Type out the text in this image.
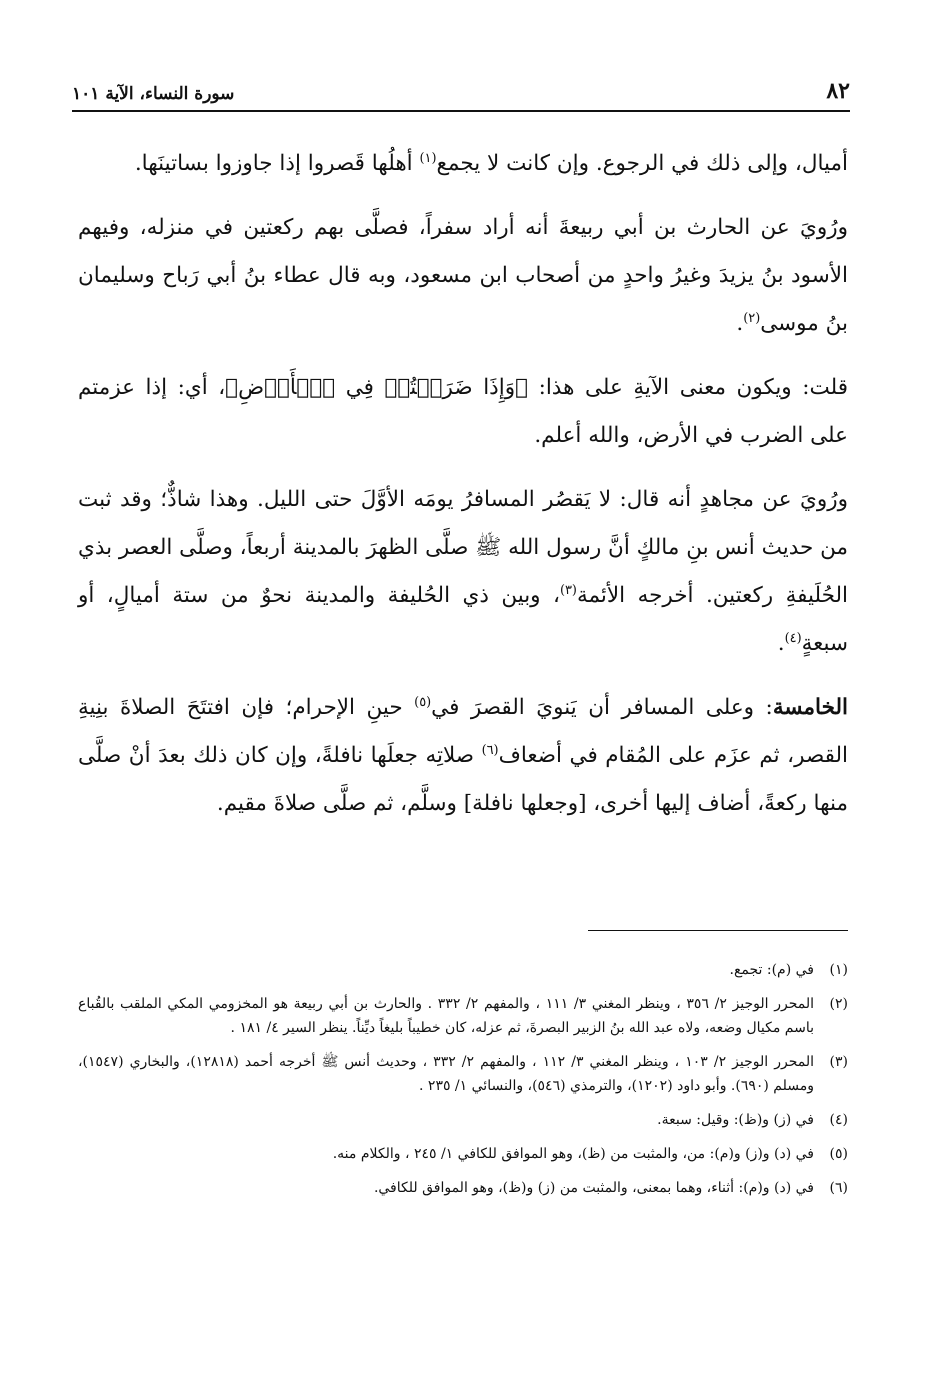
٨٢
سورة النساء، الآية ١٠١

أميال، وإلى ذلك في الرجوع. وإن كانت لا يجمع$^{(١)}$ أهلُها قَصروا إذا جاوزوا بساتينَها.

ورُويَ عن الحارث بن أبي ربيعةَ أنه أراد سفراً، فصلَّى بهم ركعتين في منزله، وفيهم الأسود بنُ يزيدَ وغيرُ واحدٍ من أصحاب ابن مسعود، وبه قال عطاء بنُ أبي رَباح وسليمان بنُ موسى$^{(٢)}$.

قلت: ويكون معنى الآيةِ على هذا: ﴿وَإِذَا ضَرَبۡتُمۡ فِي ٱلۡأَرۡضِ﴾، أي: إذا عزمتم على الضرب في الأرض، والله أعلم.

ورُويَ عن مجاهدٍ أنه قال: لا يَقصُر المسافرُ يومَه الأوَّلَ حتى الليل. وهذا شاذٌّ؛ وقد ثبت من حديث أنس بنِ مالكٍ أنَّ رسول الله ﷺ صلَّى الظهرَ بالمدينة أربعاً، وصلَّى العصر بذي الحُلَيفةِ ركعتين. أخرجه الأئمة$^{(٣)}$، وبين ذي الحُليفة والمدينة نحوٌ من ستة أميالٍ، أو سبعةٍ$^{(٤)}$.

الخامسة: وعلى المسافر أن يَنويَ القصرَ في$^{(٥)}$ حينِ الإحرام؛ فإن افتتَحَ الصلاةَ بنِيةِ القصر، ثم عزَم على المُقام في أضعاف$^{(٦)}$ صلاتِه جعلَها نافلةً، وإن كان ذلك بعدَ أنْ صلَّى منها ركعةً، أضاف إليها أخرى، [وجعلها نافلة] وسلَّم، ثم صلَّى صلاةَ مقيم.

(١)
في (م): تجمع.
(٢)
المحرر الوجيز ٢/ ٣٥٦ ، وينظر المغني ٣/ ١١١ ، والمفهم ٢/ ٣٣٢ . والحارث بن أبي ربيعة هو المخزومي المكي الملقب بالقُباع باسم مكيال وضعه، ولاه عبد الله بنُ الزبير البصرةَ، ثم عزله، كان خطيباً بليغاً ديِّناً. ينظر السير ٤/ ١٨١ .
(٣)
المحرر الوجيز ٢/ ١٠٣ ، وينظر المغني ٣/ ١١٢ ، والمفهم ٢/ ٣٣٢ ، وحديث أنس ﷺ أخرجه أحمد (١٢٨١٨)، والبخاري (١٥٤٧)، ومسلم (٦٩٠). وأبو داود (١٢٠٢)، والترمذي (٥٤٦)، والنسائي ١/ ٢٣٥ .
(٤)
في (ز) و(ظ): وقيل: سبعة.
(٥)
في (د) و(ز) و(م): من، والمثبت من (ظ)، وهو الموافق للكافي ١/ ٢٤٥ ، والكلام منه.
(٦)
في (د) و(م): أثناء، وهما بمعنى، والمثبت من (ز) و(ظ)، وهو الموافق للكافي.
